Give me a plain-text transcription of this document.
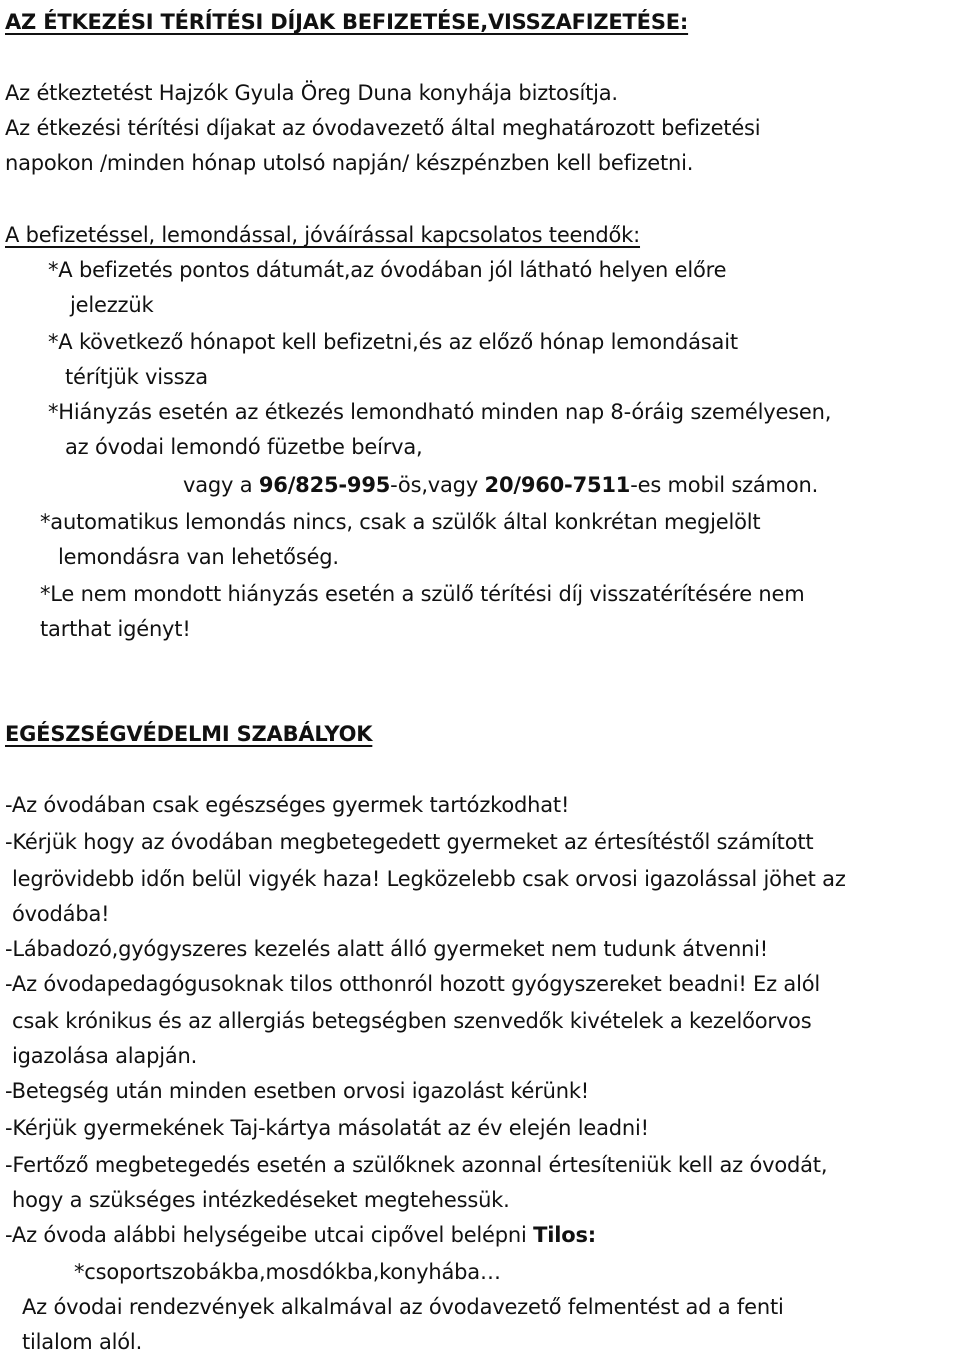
AZ ÉTKEZÉSI TÉRÍTÉSI DÍJAK BEFIZETÉSE,VISSZAFIZETÉSE:
Az étkeztetést Hajzók Gyula Öreg Duna konyhája biztosítja.
Az étkezési térítési díjakat az óvodavezető által meghatározott befizetési
napokon /minden hónap utolsó napján/ készpénzben kell befizetni.
A befizetéssel, lemondással, jóváírással kapcsolatos teendők:
*A befizetés pontos dátumát,az óvodában jól látható helyen előre
jelezzük
*A következő hónapot kell befizetni,és az előző hónap lemondásait
térítjük vissza
*Hiányzás esetén az étkezés lemondható minden nap 8-óráig személyesen,
az óvodai lemondó füzetbe beírva,
vagy a 96/825-995-ös,vagy 20/960-7511-es mobil számon.
*automatikus lemondás nincs, csak a szülők által konkrétan megjelölt
lemondásra van lehetőség.
*Le nem mondott hiányzás esetén a szülő térítési díj visszatérítésére nem
tarthat igényt!
EGÉSZSÉGVÉDELMI SZABÁLYOK
-Az óvodában csak egészséges gyermek tartózkodhat!
-Kérjük hogy az óvodában megbetegedett gyermeket az értesítéstől számított
legrövidebb időn belül vigyék haza! Legközelebb csak orvosi igazolással jöhet az
óvodába!
-Lábadozó,gyógyszeres kezelés alatt álló gyermeket nem tudunk átvenni!
-Az óvodapedagógusoknak tilos otthonról hozott gyógyszereket beadni! Ez alól
csak krónikus és az allergiás betegségben szenvedők kivételek a kezelőorvos
igazolása alapján.
-Betegség után minden esetben orvosi igazolást kérünk!
-Kérjük gyermekének Taj-kártya másolatát az év elején leadni!
-Fertőző megbetegedés esetén a szülőknek azonnal értesíteniük kell az óvodát,
hogy a szükséges intézkedéseket megtehessük.
-Az óvoda alábbi helységeibe utcai cipővel belépni Tilos:
*csoportszobákba,mosdókba,konyhába…
Az óvodai rendezvények alkalmával az óvodavezető felmentést ad a fenti
tilalom alól.
